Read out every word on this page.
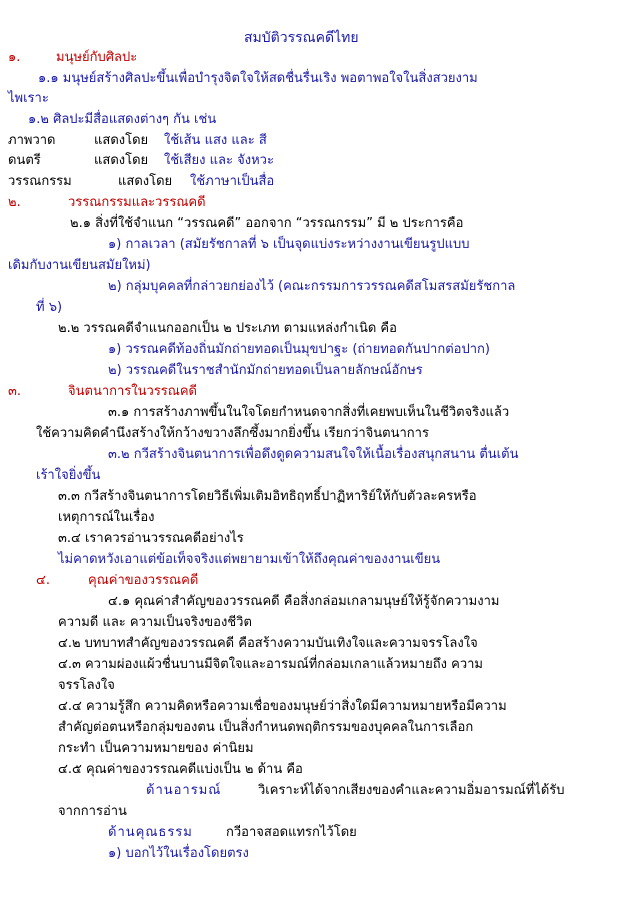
สมบัติวรรณคดีไทย
๑.	มนุษย์กับศิลปะ
๑.๑ มนุษย์สร้างศิลปะขึ้นเพื่อบำรุงจิตใจให้สดชื่นรื่นเริง พอตาพอใจในสิ่งสวยงาม
ไพเราะ
๑.๒ ศิลปะมีสื่อแสดงต่างๆ กัน เช่น
ภาพวาด	แสดงโดย ใช้เส้น แสง และ สี
ดนตรี	แสดงโดย ใช้เสียง และ จังหวะ
วรรณกรรม	แสดงโดย ใช้ภาษาเป็นสื่อ
๒.	วรรณกรรมและวรรณคดี
๒.๑ สิ่งที่ใช้จำแนก “วรรณคดี” ออกจาก “วรรณกรรม” มี ๒ ประการคือ
๑) กาลเวลา (สมัยรัชกาลที่ ๖ เป็นจุดแบ่งระหว่างงานเขียนรูปแบบ
เดิมกับงานเขียนสมัยใหม่)
๒) กลุ่มบุคคลที่กล่าวยกย่องไว้ (คณะกรรมการวรรณคดีสโมสรสมัยรัชกาล
ที่ ๖)
๒.๒ วรรณคดีจำแนกออกเป็น ๒ ประเภท ตามแหล่งกำเนิด คือ
๑) วรรณคดีท้องถิ่นมักถ่ายทอดเป็นมุขปาฐะ (ถ่ายทอดกันปากต่อปาก)
๒) วรรณคดีในราชสำนักมักถ่ายทอดเป็นลายลักษณ์อักษร
๓.	จินตนาการในวรรณคดี
๓.๑ การสร้างภาพขึ้นในใจโดยกำหนดจากสิ่งที่เคยพบเห็นในชีวิตจริงแล้ว
ใช้ความคิดคำนึงสร้างให้กว้างขวางลึกซึ้งมากยิ่งขึ้น เรียกว่าจินตนาการ
๓.๒ กวีสร้างจินตนาการเพื่อดึงดูดความสนใจให้เนื้อเรื่องสนุกสนาน ตื่นเต้น
เร้าใจยิ่งขึ้น
๓.๓ กวีสร้างจินตนาการโดยวิธีเพิ่มเติมอิทธิฤทธิ์ปาฏิหาริย์ให้กับตัวละครหรือ
เหตุการณ์ในเรื่อง
๓.๔ เราควรอ่านวรรณคดีอย่างไร
ไม่คาดหวังเอาแต่ข้อเท็จจริงแต่พยายามเข้าให้ถึงคุณค่าของงานเขียน
๔.	คุณค่าของวรรณคดี
๔.๑ คุณค่าสำคัญของวรรณคดี คือสิ่งกล่อมเกลามนุษย์ให้รู้จักความงาม
ความดี และ ความเป็นจริงของชีวิต
๔.๒ บทบาทสำคัญของวรรณคดี คือสร้างความบันเทิงใจและความจรรโลงใจ
๔.๓ ความผ่องแผ้วชื่นบานมีจิตใจและอารมณ์ที่กล่อมเกลาแล้วหมายถึง ความ
จรรโลงใจ
๔.๔ ความรู้สึก ความคิดหรือความเชื่อของมนุษย์ว่าสิ่งใดมีความหมายหรือมีความ
สำคัญต่อตนหรือกลุ่มของตน เป็นสิ่งกำหนดพฤติกรรมของบุคคลในการเลือก
กระทำ เป็นความหมายของ ค่านิยม
๔.๕ คุณค่าของวรรณคดีแบ่งเป็น ๒ ด้าน คือ
ด้านอารมณ์	วิเคราะห์ได้จากเสียงของคำและความอิ่มอารมณ์ที่ได้รับ
จากการอ่าน
ด้านคุณธรรม	กวีอาจสอดแทรกไว้โดย
๑) บอกไว้ในเรื่องโดยตรง
